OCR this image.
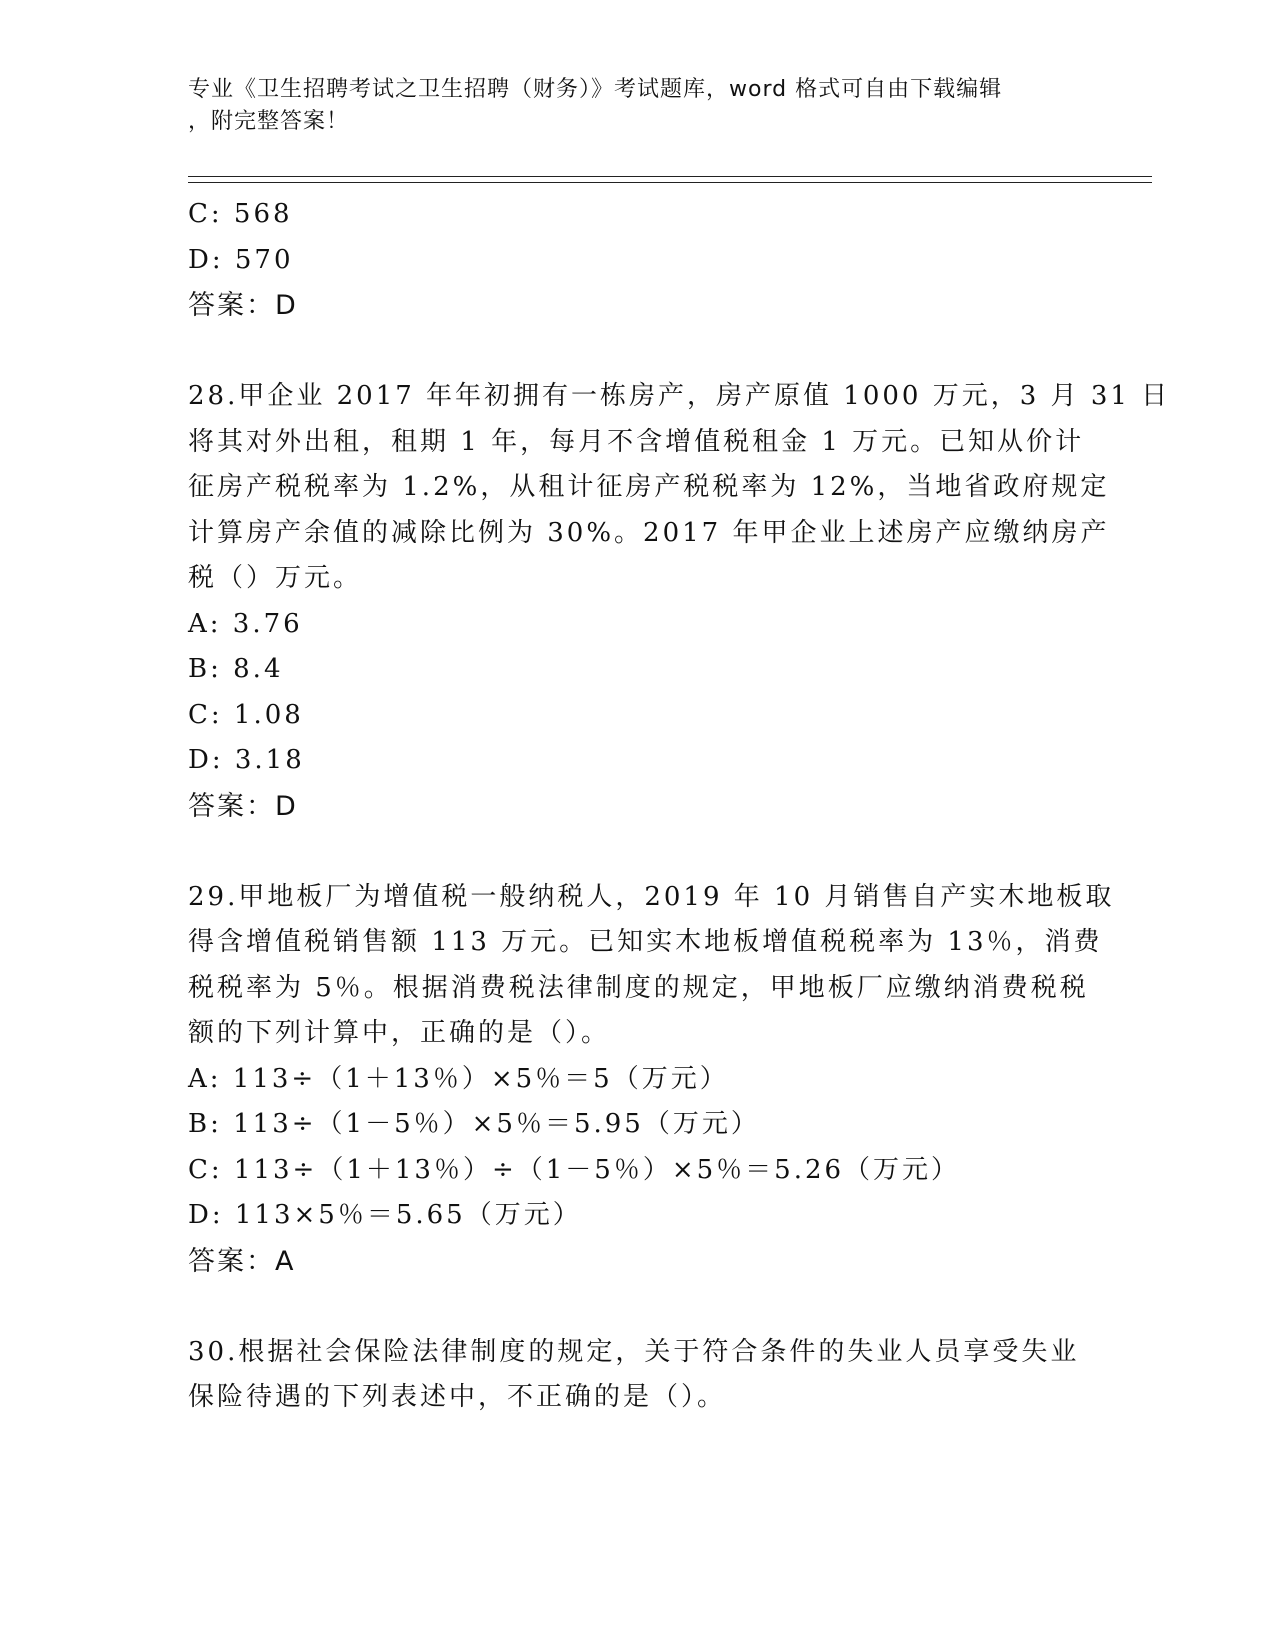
专业《卫生招聘考试之卫生招聘（财务）》考试题库，word 格式可自由下载编辑
，附完整答案！
C: 568
D: 570
答案：D
28.甲企业 2017 年年初拥有一栋房产，房产原值 1000 万元，3 月 31 日
将其对外出租，租期 1 年，每月不含增值税租金 1 万元。已知从价计
征房产税税率为 1.2%，从租计征房产税税率为 12%，当地省政府规定
计算房产余值的减除比例为 30%。2017 年甲企业上述房产应缴纳房产
税（）万元。
A: 3.76
B: 8.4
C: 1.08
D: 3.18
答案：D
29.甲地板厂为增值税一般纳税人，2019 年 10 月销售自产实木地板取
得含增值税销售额 113 万元。已知实木地板增值税税率为 13％，消费
税税率为 5％。根据消费税法律制度的规定，甲地板厂应缴纳消费税税
额的下列计算中，正确的是（）。
A: 113÷（1＋13％）×5％＝5（万元）
B: 113÷（1－5％）×5％＝5.95（万元）
C: 113÷（1＋13％）÷（1－5％）×5％＝5.26（万元）
D: 113×5％＝5.65（万元）
答案：A
30.根据社会保险法律制度的规定，关于符合条件的失业人员享受失业
保险待遇的下列表述中，不正确的是（）。
